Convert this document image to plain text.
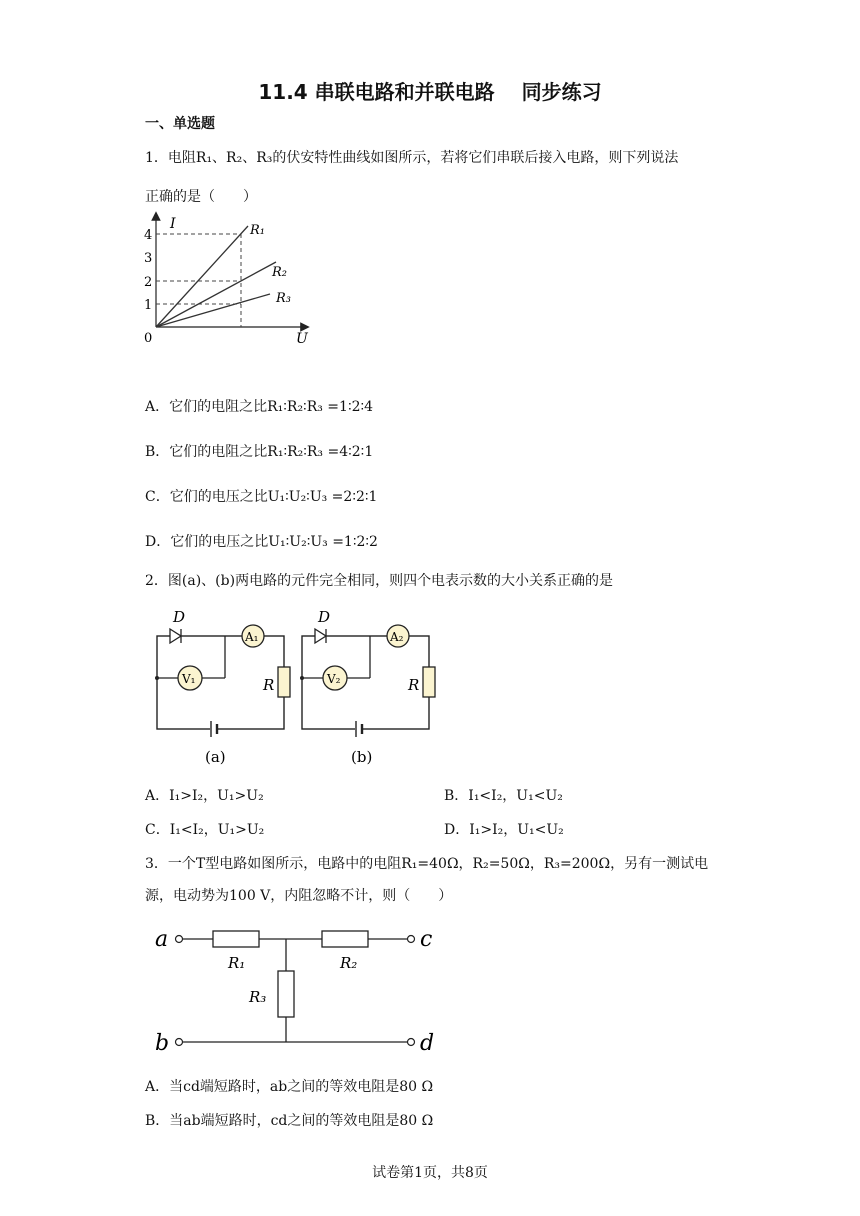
11.4 串联电路和并联电路　 同步练习
一、单选题
1．电阻R₁、R₂、R₃的伏安特性曲线如图所示，若将它们串联后接入电路，则下列说法
正确的是（　　）
I
U
0
1
2
3
4	R₁
R₂
R₃
A．它们的电阻之比R₁∶R₂∶R₃ =1∶2∶4
B．它们的电阻之比R₁∶R₂∶R₃ =4∶2∶1
C．它们的电压之比U₁∶U₂∶U₃ =2∶2∶1
D．它们的电压之比U₁∶U₂∶U₃ =1∶2∶2
2．图(a)、(b)两电路的元件完全相同，则四个电表示数的大小关系正确的是
D
A₁
V₁	R
(a)
D
A₂
V₂	R
(b)
A．I₁>I₂，U₁>U₂	B．I₁<I₂，U₁<U₂
C．I₁<I₂，U₁>U₂	D．I₁>I₂，U₁<U₂
3．一个T型电路如图所示，电路中的电阻R₁=40Ω，R₂=50Ω，R₃=200Ω，另有一测试电
源，电动势为100 V，内阻忽略不计，则（　　）
a	c
b	d
R₁	R₂
R₃
A．当cd端短路时，ab之间的等效电阻是80 Ω
B．当ab端短路时，cd之间的等效电阻是80 Ω
试卷第1页，共8页
